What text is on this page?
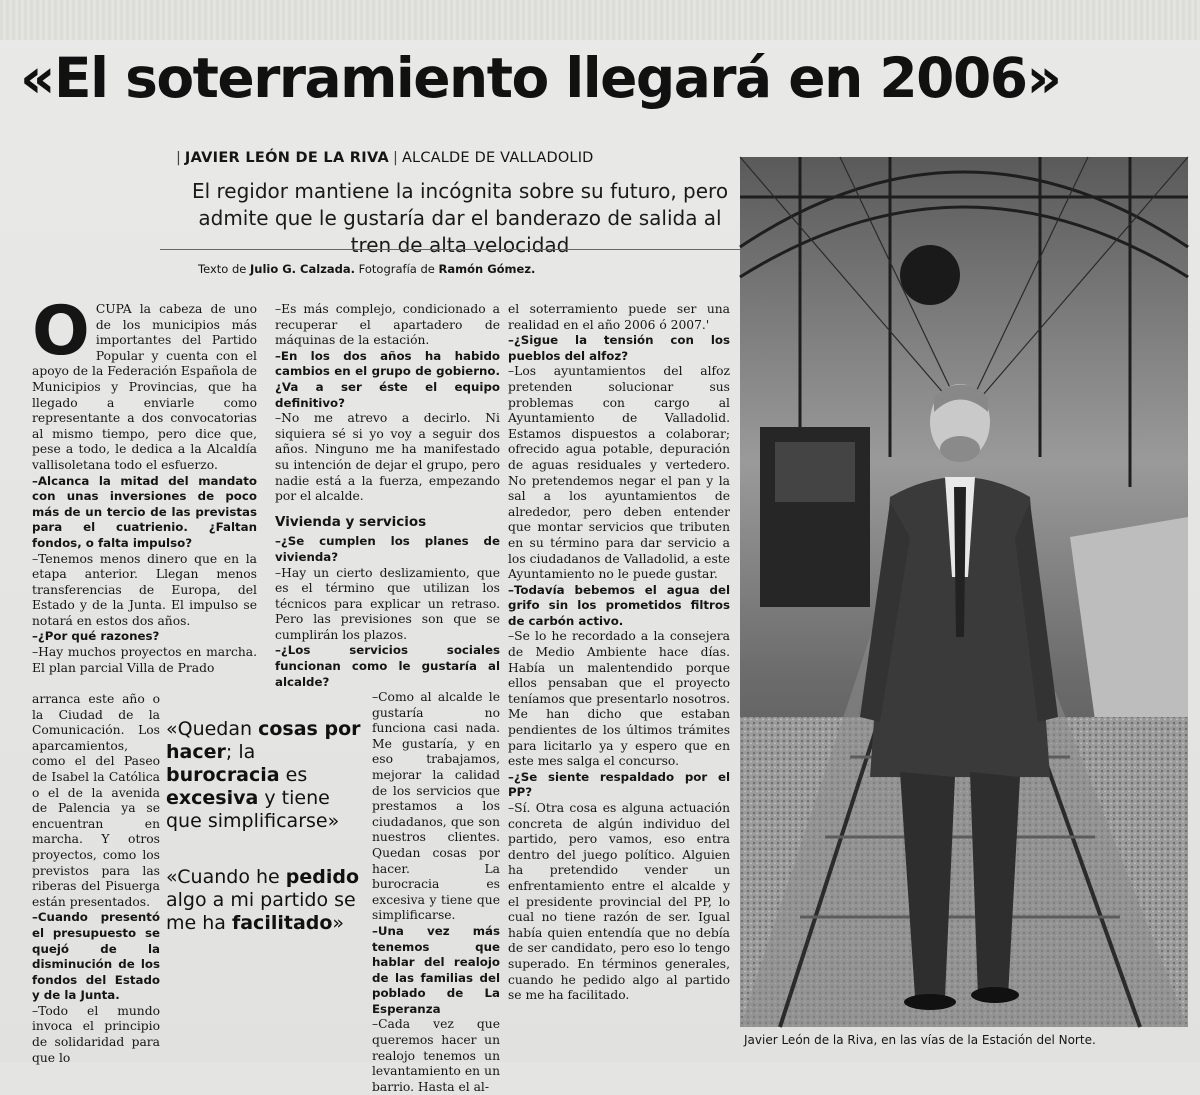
«El soterramiento llegará en 2006»
| JAVIER LEÓN DE LA RIVA | ALCALDE DE VALLADOLID

El regidor mantiene la incógnita sobre su futuro, pero admite que le gustaría dar el banderazo de salida al tren de alta velocidad

Texto de Julio G. Calzada. Fotografía de Ramón Gómez.

OCUPA la cabeza de uno de los municipios más importantes del Partido Popular y cuenta con el apoyo de la Federación Española de Municipios y Provincias, que ha llegado a enviarle como representante a dos convocatorias al mismo tiempo, pero dice que, pese a todo, le dedica a la Alcaldía vallisoletana todo el esfuerzo.

–Alcanca la mitad del mandato con unas inversiones de poco más de un tercio de las previstas para el cuatrienio. ¿Faltan fondos, o falta impulso?

–Tenemos menos dinero que en la etapa anterior. Llegan menos transferencias de Europa, del Estado y de la Junta. El impulso se notará en estos dos años.

–¿Por qué razones?

–Hay muchos proyectos en marcha. El plan parcial Villa de Prado

arranca este año o la Ciudad de la Comunicación. Los aparcamientos, como el del Paseo de Isabel la Católica o el de la avenida de Palencia ya se encuentran en marcha. Y otros proyectos, como los previstos para las riberas del Pisuerga están presentados.

–Cuando presentó el presupuesto se quejó de la disminución de los fondos del Estado y de la Junta.

–Todo el mundo invoca el principio de solidaridad para que lo

–Es más complejo, condicionado a recuperar el apartadero de máquinas de la estación.

–En los dos años ha habido cambios en el grupo de gobierno. ¿Va a ser éste el equipo definitivo?

–No me atrevo a decirlo. Ni siquiera sé si yo voy a seguir dos años. Ninguno me ha manifestado su intención de dejar el grupo, pero nadie está a la fuerza, empezando por el alcalde.

Vivienda y servicios

–¿Se cumplen los planes de vivienda?

–Hay un cierto deslizamiento, que es el término que utilizan los técnicos para explicar un retraso. Pero las previsiones son que se cumplirán los plazos.

–¿Los servicios sociales funcionan como le gustaría al alcalde?

–Como al alcalde le gustaría no funciona casi nada. Me gustaría, y en eso trabajamos, mejorar la calidad de los servicios que prestamos a los ciudadanos, que son nuestros clientes. Quedan cosas por hacer. La burocracia es excesiva y tiene que simplificarse.

–Una vez más tenemos que hablar del realojo de las familias del poblado de La Esperanza

–Cada vez que queremos hacer un realojo tenemos un levantamiento en un barrio. Hasta el al-

el soterramiento puede ser una realidad en el año 2006 ó 2007.'

–¿Sigue la tensión con los pueblos del alfoz?

–Los ayuntamientos del alfoz pretenden solucionar sus problemas con cargo al Ayuntamiento de Valladolid. Estamos dispuestos a colaborar; ofrecido agua potable, depuración de aguas residuales y vertedero. No pretendemos negar el pan y la sal a los ayuntamientos de alrededor, pero deben entender que montar servicios que tributen en su término para dar servicio a los ciudadanos de Valladolid, a este Ayuntamiento no le puede gustar.

–Todavía bebemos el agua del grifo sin los prometidos filtros de carbón activo.

–Se lo he recordado a la consejera de Medio Ambiente hace días. Había un malentendido porque ellos pensaban que el proyecto teníamos que presentarlo nosotros. Me han dicho que estaban pendientes de los últimos trámites para licitarlo ya y espero que en este mes salga el concurso.

–¿Se siente respaldado por el PP?

–Sí. Otra cosa es alguna actuación concreta de algún individuo del partido, pero vamos, eso entra dentro del juego político. Alguien ha pretendido vender un enfrentamiento entre el alcalde y el presidente provincial del PP, lo cual no tiene razón de ser. Igual había quien entendía que no debía de ser candidato, pero eso lo tengo superado. En términos generales, cuando he pedido algo al partido se me ha facilitado.

«Quedan cosas por hacer; la burocracia es excesiva y tiene que simplificarse»
«Cuando he pedido algo a mi partido se me ha facilitado»
Javier León de la Riva, en las vías de la Estación del Norte.
